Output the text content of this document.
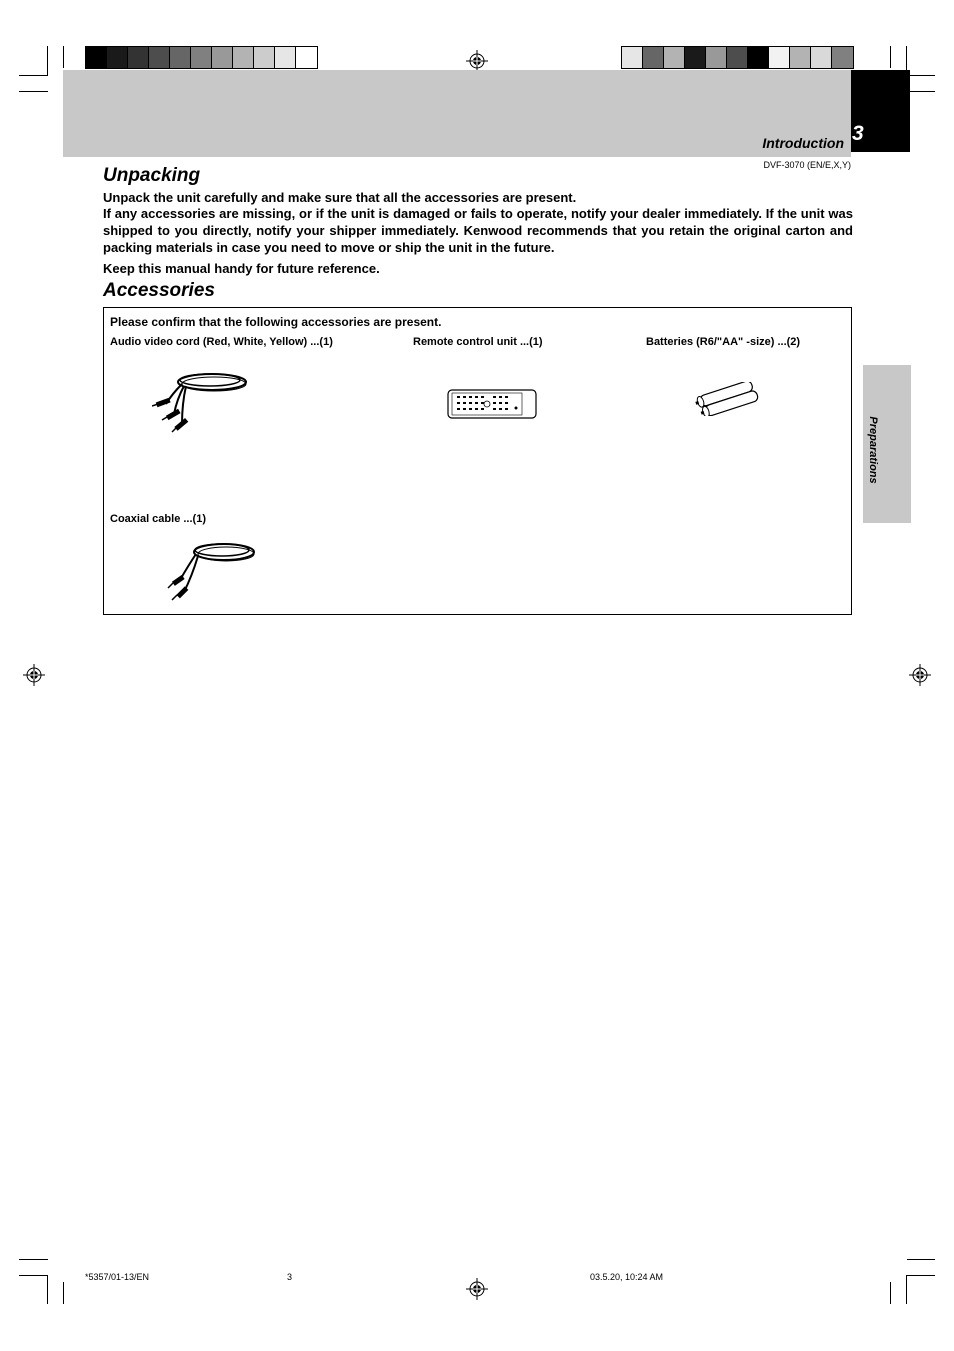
3
Introduction
DVF-3070 (EN/E,X,Y)
Preparations
Unpacking
Unpack the unit carefully and make sure that all the accessories are present.
If any accessories are missing, or if the unit is damaged or fails to operate, notify your dealer immediately. If the unit was shipped to you directly, notify your shipper immediately. Kenwood recommends that you retain the original carton and packing materials in case you need to move or ship the unit in the future.
Keep this manual handy for future reference.
Accessories
Please confirm that the following accessories are present.
Audio video cord (Red, White, Yellow) ...(1)	Remote control unit ...(1)	Batteries (R6/"AA" -size) ...(2)
Coaxial cable ...(1)
*5357/01-13/EN	3	03.5.20, 10:24 AM
